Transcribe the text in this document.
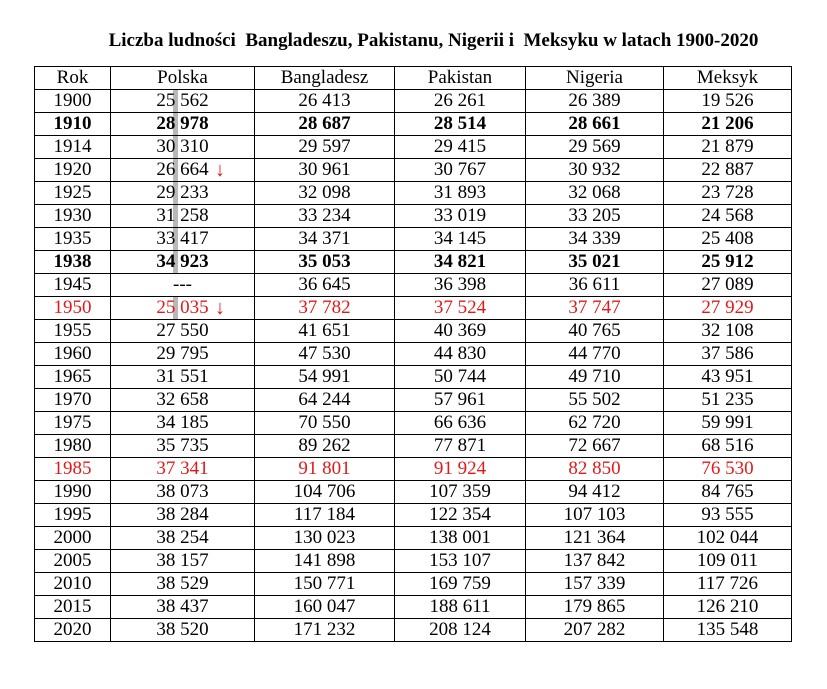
Liczba ludności  Bangladeszu, Pakistanu, Nigerii i  Meksyku w latach 1900-2020
Rok	Polska	Bangladesz	Pakistan	Nigeria	Meksyk
1900	25 562	26 413	26 261	26 389	19 526
1910	28 978	28 687	28 514	28 661	21 206
1914	30 310	29 597	29 415	29 569	21 879
1920	26 664 ↓	30 961	30 767	30 932	22 887
1925	29 233	32 098	31 893	32 068	23 728
1930	31 258	33 234	33 019	33 205	24 568
1935	33 417	34 371	34 145	34 339	25 408
1938	34 923	35 053	34 821	35 021	25 912
1945	---	36 645	36 398	36 611	27 089
1950	25 035 ↓	37 782	37 524	37 747	27 929
1955	27 550	41 651	40 369	40 765	32 108
1960	29 795	47 530	44 830	44 770	37 586
1965	31 551	54 991	50 744	49 710	43 951
1970	32 658	64 244	57 961	55 502	51 235
1975	34 185	70 550	66 636	62 720	59 991
1980	35 735	89 262	77 871	72 667	68 516
1985	37 341	91 801	91 924	82 850	76 530
1990	38 073	104 706	107 359	94 412	84 765
1995	38 284	117 184	122 354	107 103	93 555
2000	38 254	130 023	138 001	121 364	102 044
2005	38 157	141 898	153 107	137 842	109 011
2010	38 529	150 771	169 759	157 339	117 726
2015	38 437	160 047	188 611	179 865	126 210
2020	38 520	171 232	208 124	207 282	135 548
